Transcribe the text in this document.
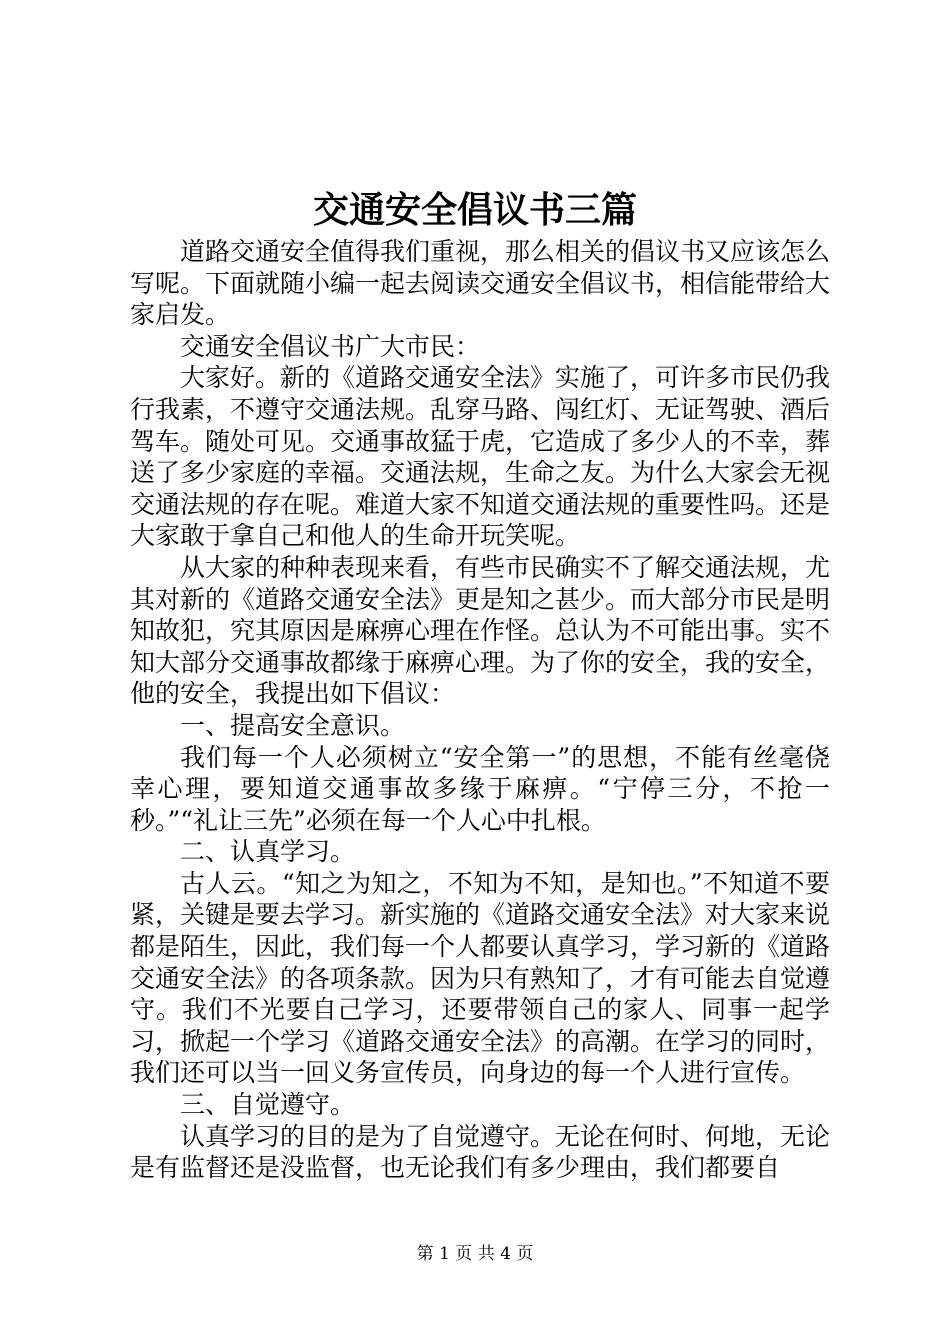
交通安全倡议书三篇

道路交通安全值得我们重视，那么相关的倡议书又应该怎么写呢。下面就随小编一起去阅读交通安全倡议书，相信能带给大家启发。

交通安全倡议书广大市民：

大家好。新的《道路交通安全法》实施了，可许多市民仍我行我素，不遵守交通法规。乱穿马路、闯红灯、无证驾驶、酒后驾车。随处可见。交通事故猛于虎，它造成了多少人的不幸，葬送了多少家庭的幸福。交通法规，生命之友。为什么大家会无视交通法规的存在呢。难道大家不知道交通法规的重要性吗。还是大家敢于拿自己和他人的生命开玩笑呢。

从大家的种种表现来看，有些市民确实不了解交通法规，尤其对新的《道路交通安全法》更是知之甚少。而大部分市民是明知故犯，究其原因是麻痹心理在作怪。总认为不可能出事。实不知大部分交通事故都缘于麻痹心理。为了你的安全，我的安全，他的安全，我提出如下倡议：

一、提高安全意识。

我们每一个人必须树立“安全第一”的思想，不能有丝毫侥幸心理，要知道交通事故多缘于麻痹。“宁停三分，不抢一秒。”“礼让三先”必须在每一个人心中扎根。

二、认真学习。

古人云。“知之为知之，不知为不知，是知也。”不知道不要紧，关键是要去学习。新实施的《道路交通安全法》对大家来说都是陌生，因此，我们每一个人都要认真学习，学习新的《道路交通安全法》的各项条款。因为只有熟知了，才有可能去自觉遵守。我们不光要自己学习，还要带领自己的家人、同事一起学习，掀起一个学习《道路交通安全法》的高潮。在学习的同时，我们还可以当一回义务宣传员，向身边的每一个人进行宣传。

三、自觉遵守。

认真学习的目的是为了自觉遵守。无论在何时、何地，无论是有监督还是没监督，也无论我们有多少理由，我们都要自

第 1 页 共 4 页
